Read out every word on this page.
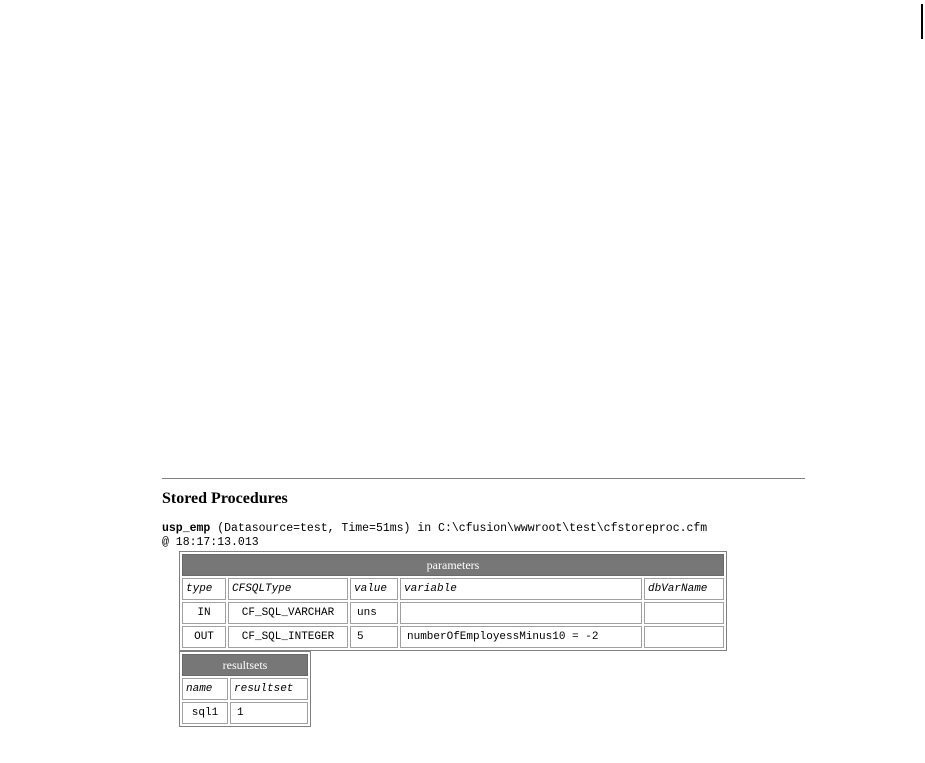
Stored Procedures
usp_emp (Datasource=test, Time=51ms) in C:\cfusion\wwwroot\test\cfstoreproc.cfm
@ 18:17:13.013
parameters				
type	CFSQLType	value	variable	dbVarName
IN	CF_SQL_VARCHAR	uns		
OUT	CF_SQL_INTEGER	5	numberOfEmployessMinus10 = -2	
resultsets	
name	resultset
sql1	1
